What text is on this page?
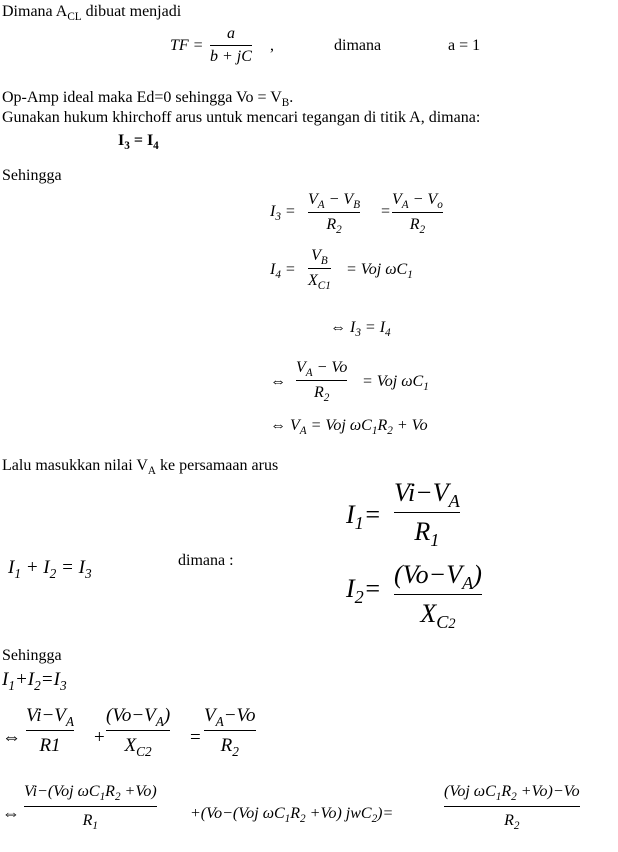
Dimana $A_{CL}$ dibuat menjadi
TF =
a
b + jC
,	dimana	a = 1
Op-Amp ideal maka Ed=0 sehingga $Vo = V_B$.
Gunakan hukum khirchoff arus untuk mencari tegangan di titik A, dimana:
$I_3 = I_4$
Sehingga
$I_3$ =
$V_A - V_B$
$R_2$
=
$V_A - V_o$
$R_2$
$I_4$ =
$V_B$
$X_{C1}$
= Voj $\omega C_1$
⇔ $I_3 = I_4$
⇔
$V_A - Vo$
$R_2$
= Voj $\omega C_1$
⇔ $V_A$ = Voj $\omega C_1R_2 + Vo$
Lalu masukkan nilai $V_A$ ke persamaan arus
$I_1=$
$Vi-V_A$
$R_1$
$I_1 + I_2 = I_3$
dimana :
$I_2= (Vo-V_A)$
$X_{C2}$
Sehingga
$I_1+I_2=I_3$
⇔
$Vi-V_A$
R1 +
$(Vo-V_A)$
$X_{C2}$
=
$V_A-Vo$
$R_2$
⇔
Vi−(Voj $\omega C_1R_2 +Vo$)
$R_1$
+(Vo−(Voj $\omega C_1R_2 +Vo$) jwC$_2$)=
(Voj $\omega C_1R_2 +Vo)-Vo$
$R_2$
